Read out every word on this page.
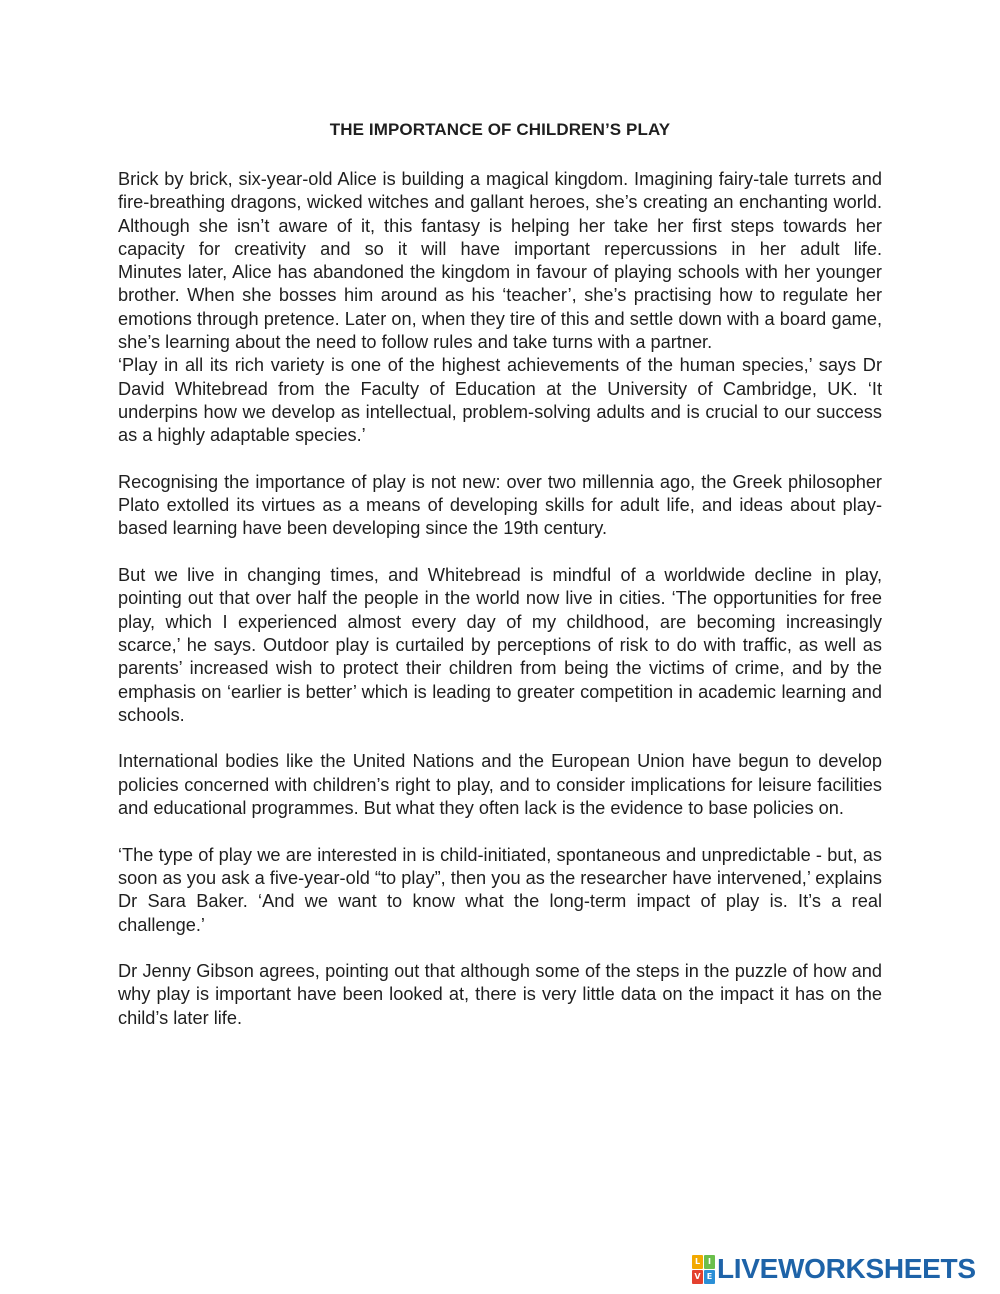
THE IMPORTANCE OF CHILDREN’S PLAY

Brick by brick, six-year-old Alice is building a magical kingdom. Imagining fairy-tale turrets and fire-breathing dragons, wicked witches and gallant heroes, she’s creating an enchanting world. Although she isn’t aware of it, this fantasy is helping her take her first steps towards her capacity for creativity and so it will have important repercussions in her adult life.

Minutes later, Alice has abandoned the kingdom in favour of playing schools with her younger brother. When she bosses him around as his ‘teacher’, she’s practising how to regulate her emotions through pretence. Later on, when they tire of this and settle down with a board game, she’s learning about the need to follow rules and take turns with a partner.

‘Play in all its rich variety is one of the highest achievements of the human species,’ says Dr David Whitebread from the Faculty of Education at the University of Cambridge, UK. ‘It underpins how we develop as intellectual, problem-solving adults and is crucial to our success as a highly adaptable species.’

Recognising the importance of play is not new: over two millennia ago, the Greek philosopher Plato extolled its virtues as a means of developing skills for adult life, and ideas about play-based learning have been developing since the 19th century.

But we live in changing times, and Whitebread is mindful of a worldwide decline in play, pointing out that over half the people in the world now live in cities. ‘The opportunities for free play, which I experienced almost every day of my childhood, are becoming increasingly scarce,’ he says. Outdoor play is curtailed by perceptions of risk to do with traffic, as well as parents’ increased wish to protect their children from being the victims of crime, and by the emphasis on ‘earlier is better’ which is leading to greater competition in academic learning and schools.

International bodies like the United Nations and the European Union have begun to develop policies concerned with children’s right to play, and to consider implications for leisure facilities and educational programmes. But what they often lack is the evidence to base policies on.

‘The type of play we are interested in is child-initiated, spontaneous and unpredictable - but, as soon as you ask a five-year-old “to play”, then you as the researcher have intervened,’ explains Dr Sara Baker. ‘And we want to know what the long-term impact of play is. It’s a real challenge.’

Dr Jenny Gibson agrees, pointing out that although some of the steps in the puzzle of how and why play is important have been looked at, there is very little data on the impact it has on the child’s later life.

L I
V E LIVEWORKSHEETS
